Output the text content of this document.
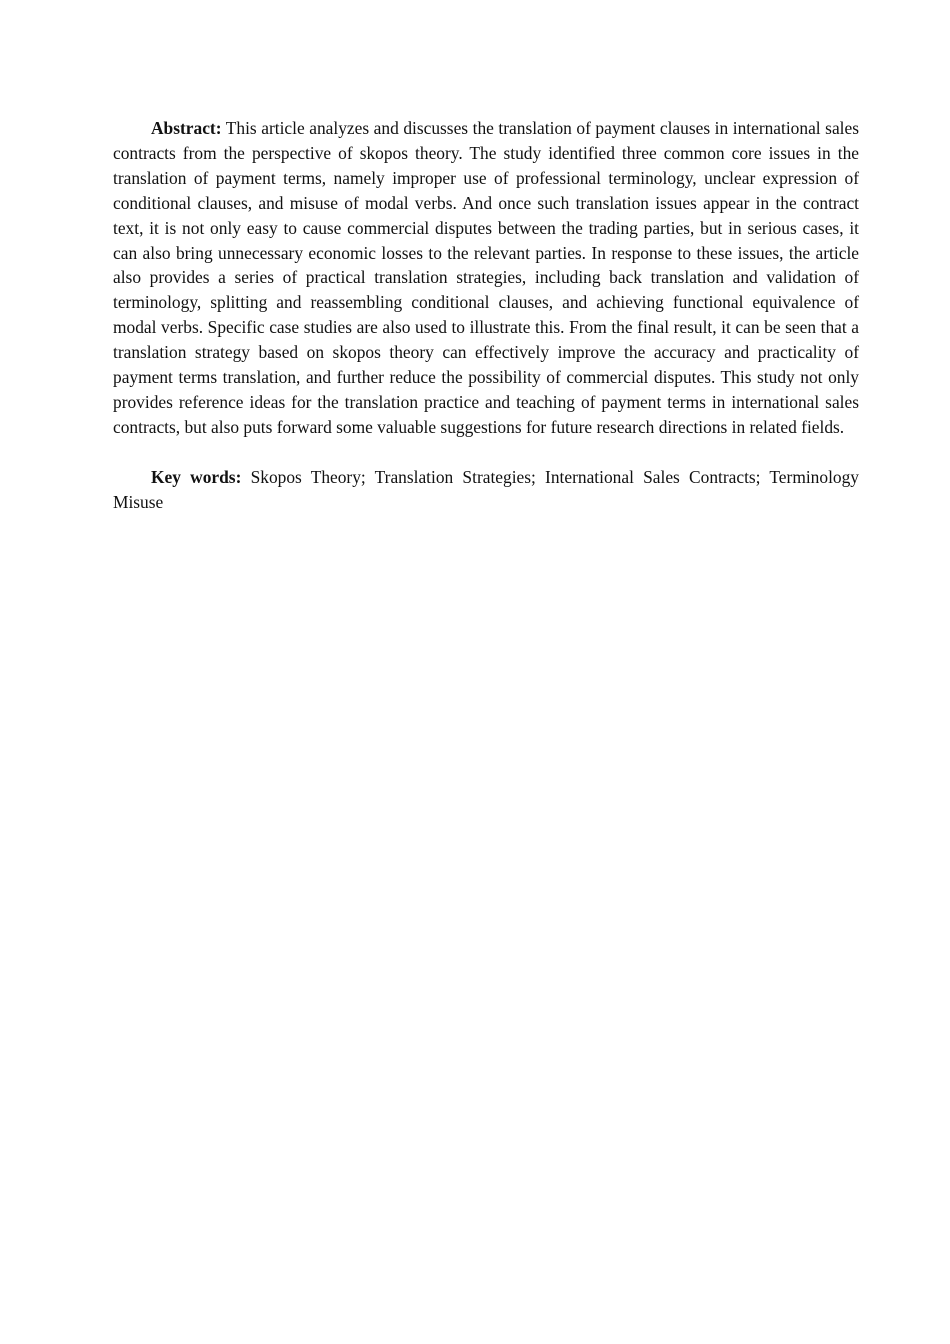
Abstract: This article analyzes and discusses the translation of payment clauses in international sales contracts from the perspective of skopos theory. The study identified three common core issues in the translation of payment terms, namely improper use of professional terminology, unclear expression of conditional clauses, and misuse of modal verbs. And once such translation issues appear in the contract text, it is not only easy to cause commercial disputes between the trading parties, but in serious cases, it can also bring unnecessary economic losses to the relevant parties. In response to these issues, the article also provides a series of practical translation strategies, including back translation and validation of terminology, splitting and reassembling conditional clauses, and achieving functional equivalence of modal verbs. Specific case studies are also used to illustrate this. From the final result, it can be seen that a translation strategy based on skopos theory can effectively improve the accuracy and practicality of payment terms translation, and further reduce the possibility of commercial disputes. This study not only provides reference ideas for the translation practice and teaching of payment terms in international sales contracts, but also puts forward some valuable suggestions for future research directions in related fields.

Key words: Skopos Theory; Translation Strategies; International Sales Contracts; Terminology Misuse
